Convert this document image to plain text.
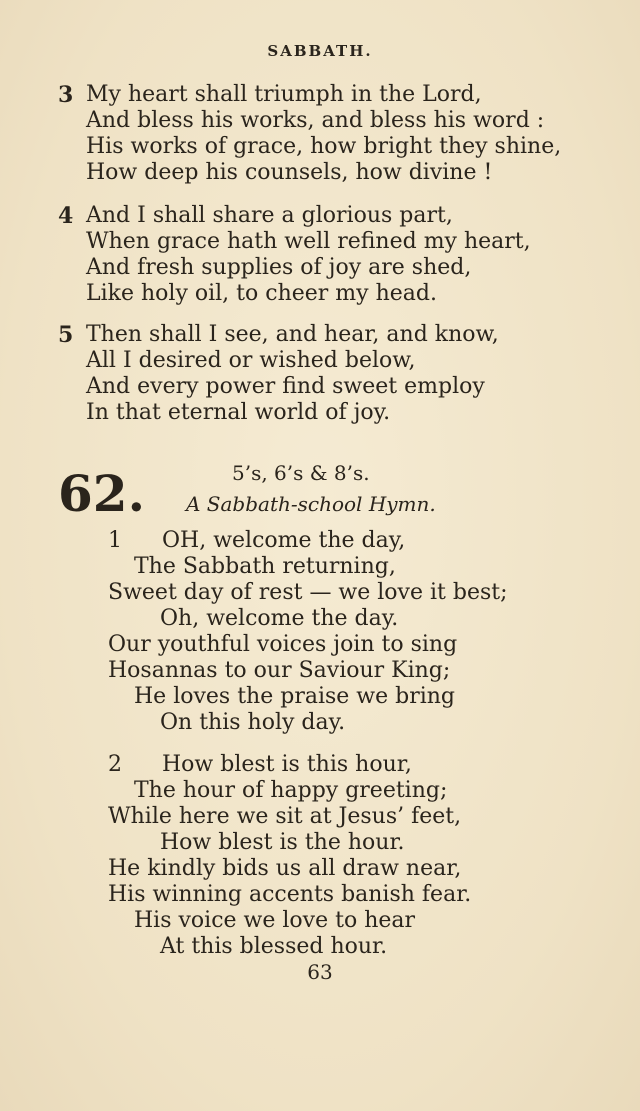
SABBATH.
3 My heart shall triumph in the Lord,
And bless his works, and bless his word :
His works of grace, how bright they shine,
How deep his counsels, how divine !
4 And I shall share a glorious part,
When grace hath well refined my heart,
And fresh supplies of joy are shed,
Like holy oil, to cheer my head.
5 Then shall I see, and hear, and know,
All I desired or wished below,
And every power find sweet employ
In that eternal world of joy.
62.	5’s, 6’s & 8’s.
A Sabbath-school Hymn.
1	OH, welcome the day,
The Sabbath returning,
Sweet day of rest — we love it best;
Oh, welcome the day.
Our youthful voices join to sing
Hosannas to our Saviour King;
He loves the praise we bring
On this holy day.
2	How blest is this hour,
The hour of happy greeting;
While here we sit at Jesus’ feet,
How blest is the hour.
He kindly bids us all draw near,
His winning accents banish fear.
His voice we love to hear
At this blessed hour.
63
